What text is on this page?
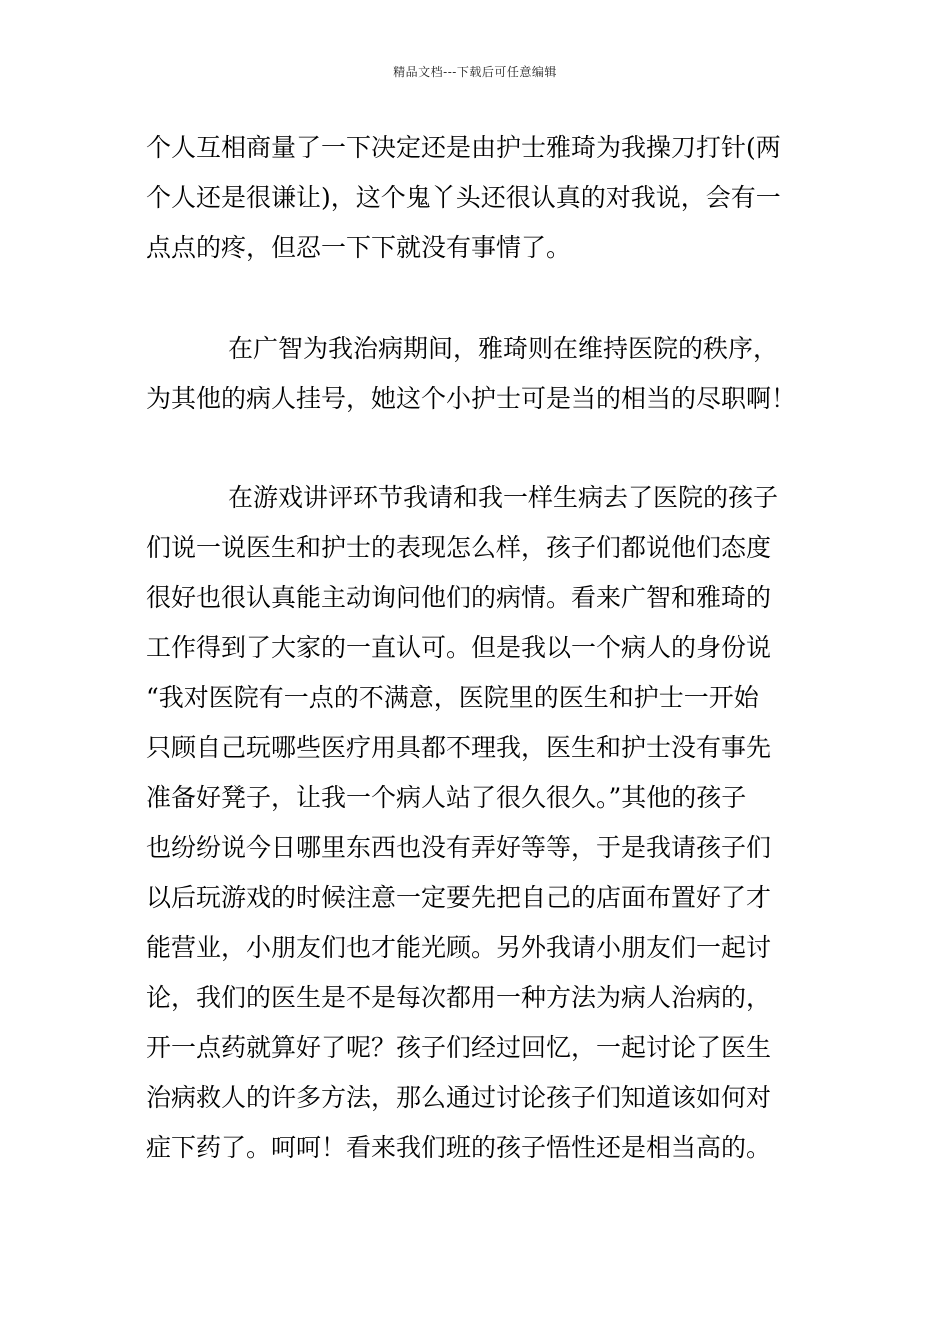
精品文档---下载后可任意编辑
个人互相商量了一下决定还是由护士雅琦为我操刀打针(两
个人还是很谦让)，这个鬼丫头还很认真的对我说，会有一
点点的疼，但忍一下下就没有事情了。
在广智为我治病期间，雅琦则在维持医院的秩序，
为其他的病人挂号，她这个小护士可是当的相当的尽职啊！
在游戏讲评环节我请和我一样生病去了医院的孩子
们说一说医生和护士的表现怎么样，孩子们都说他们态度
很好也很认真能主动询问他们的病情。看来广智和雅琦的
工作得到了大家的一直认可。但是我以一个病人的身份说
“我对医院有一点的不满意，医院里的医生和护士一开始
只顾自己玩哪些医疗用具都不理我，医生和护士没有事先
准备好凳子，让我一个病人站了很久很久。”其他的孩子
也纷纷说今日哪里东西也没有弄好等等，于是我请孩子们
以后玩游戏的时候注意一定要先把自己的店面布置好了才
能营业，小朋友们也才能光顾。另外我请小朋友们一起讨
论，我们的医生是不是每次都用一种方法为病人治病的，
开一点药就算好了呢？孩子们经过回忆，一起讨论了医生
治病救人的许多方法，那么通过讨论孩子们知道该如何对
症下药了。呵呵！看来我们班的孩子悟性还是相当高的。
